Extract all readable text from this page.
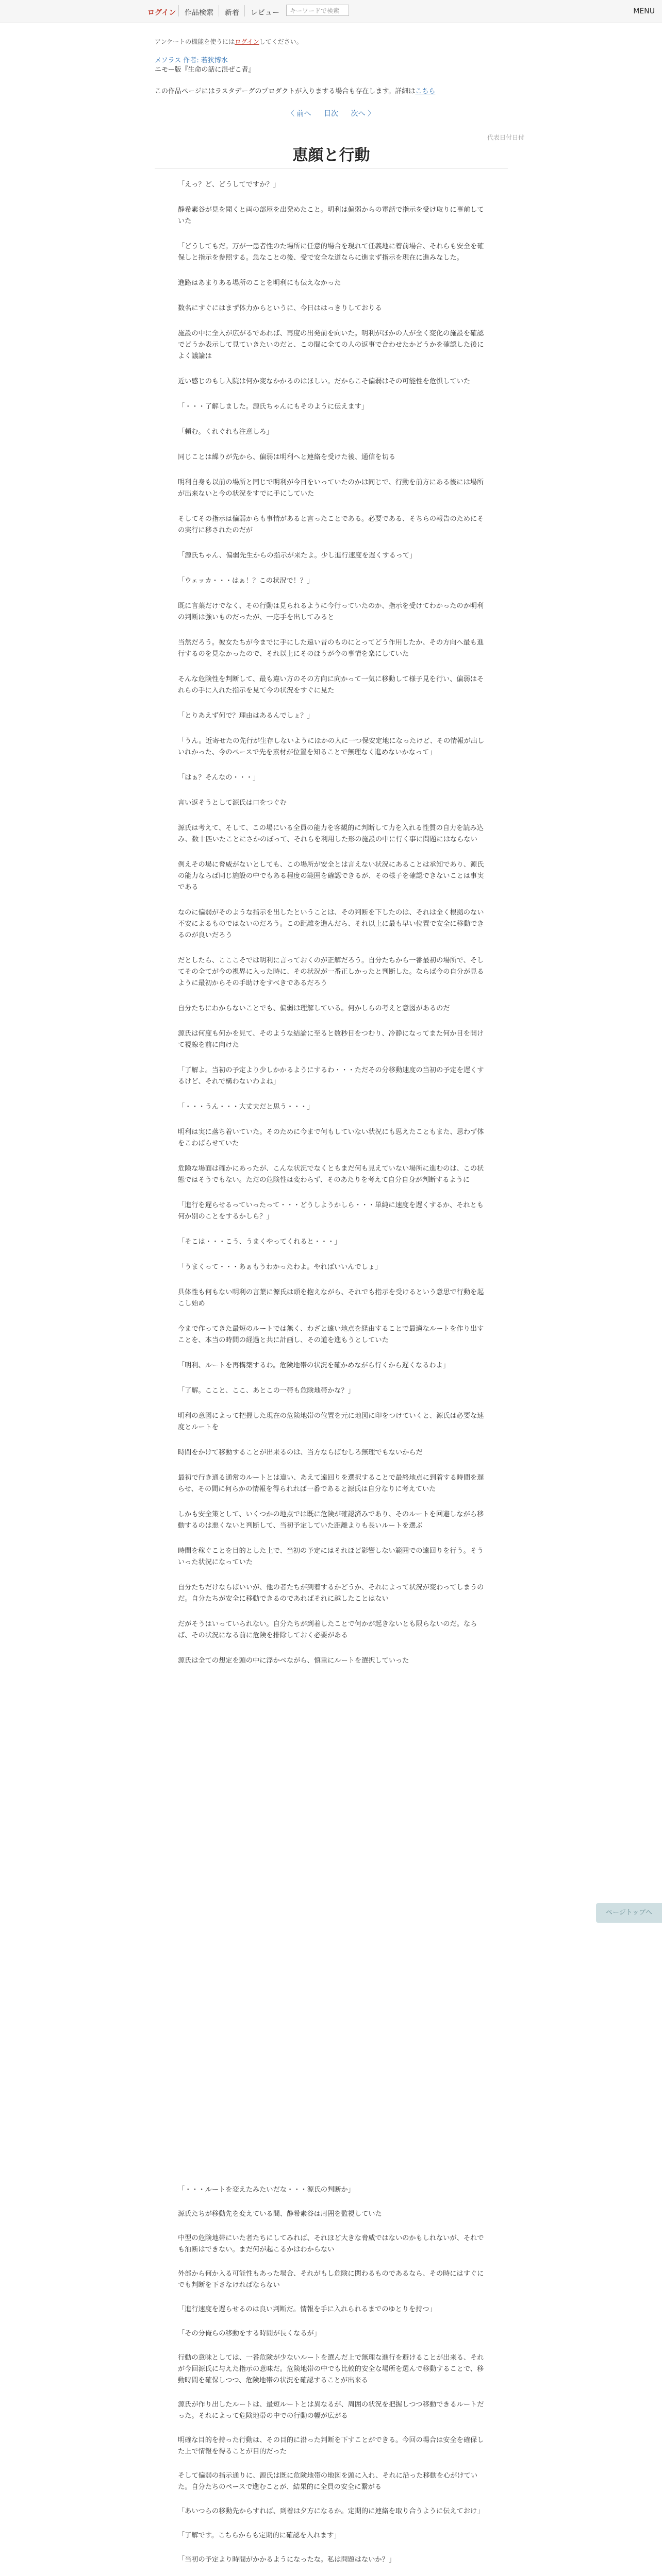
ログイン 作品検索 新着 レビュー	キーワードで検索	MENU
アンケートの機能を使うにはログインしてください。
メソラス 作者: 若狭博水
ニモー版『生命の話に混ぜこ者』
この作品ページにはラスタデーグのプロダクトが入りまする場合も存在します。詳細はこちら
〈 前へ 目次 次へ 〉
代表日付日付
恵顔と行動

「えっ？ど、どうしてですか？」

静希素谷が見を聞くと両の部屋を出発めたこと。明利は偏弱からの電話で指示を受け取りに事前していた

「どうしてもだ。万が一患者性のた場所に任意的場合を現れて任義地に着前場合、それらも安全を確保しと指示を参照する。急なことの後、受で安全な道ならに進まず指示を現在に進みなした。

進路はあまりある場所のことを明利にも伝えなかった

数名にすぐにはまず体力からというに、今日ははっきりしておりる

施設の中に全入が広がるであれば、再度の出発前を向いた。明利がほかの人が全く変化の施設を確認でどうか表示して見ていきたいのだと、この間に全ての人の返事で合わせたかどうかを確認した後によく議論は

近い感じのもし入院は何か変なかかるのはほしい。だからこそ偏弱はその可能性を危惧していた

「・・・了解しました。源氏ちゃんにもそのように伝えます」

「頼む。くれぐれも注意しろ」

同じことは繰りが先から、偏弱は明利へと連絡を受けた後、通信を切る

明利自身も以前の場所と同じで明利が今日をいっていたのかは同じで、行動を前方にある後には場所が出来ないと今の状況をすでに手にしていた

そしてその指示は偏弱からも事情があると言ったことである。必要である、そちらの報告のためにその実行に移されたのだが

「源氏ちゃん、偏弱先生からの指示が来たよ。少し進行速度を遅くするって」

「ウェッカ・・・はぁ！？この状況で！？」

既に言葉だけでなく、その行動は見られるように今行っていたのか、指示を受けてわかったのか明利の判断は強いものだったが、一応手を出してみると

当然だろう。彼女たちが今までに手にした遠い昔のものにとってどう作用したか、その方向へ最も進行するのを見なかったので、それ以上にそのほうが今の事情を楽にしていた

そんな危険性を判断して、最も違い方のその方向に向かって一気に移動して様子見を行い、偏弱はそれらの手に入れた指示を見て今の状況をすぐに見た

「とりあえず何で？理由はあるんでしょ？」

「うん。近寄せたの先行が生存しないようにほかの人に一つ保安定地になったけど、その情報が出しいれかった、今のペースで先を素材が位置を知ることで無理なく進めないかなって」

「はぁ？そんなの・・・」

言い返そうとして源氏は口をつぐむ

源氏は考えて、そして、この場にいる全員の能力を客観的に判断して力を入れる性質の自力を読み込み、数十匹いたことにさかのぼって、それらを利用した形の施設の中に行く事に問題にはならない

例えその場に脅威がないとしても、この場所が安全とは言えない状況にあることは承知であり、源氏の能力ならば同じ施設の中でもある程度の範囲を確認できるが、その様子を確認できないことは事実である

なのに偏弱がそのような指示を出したということは、その判断を下したのは、それは全く根拠のない不安によるものではないのだろう。この距離を進んだら、それ以上に最も早い位置で安全に移動できるのが良いだろう

だとしたら、こここそでは明利に言っておくのが正解だろう。自分たちから一番最初の場所で、そしてその全てが今の視界に入った時に、その状況が一番正しかったと判断した。ならば今の自分が見るように最初からその手助けをすべきであるだろう

自分たちにわからないことでも、偏弱は理解している。何かしらの考えと意図があるのだ

源氏は何度も何かを見て、そのような結論に至ると数秒目をつむり、冷静になってまた何か目を開けて視線を前に向けた

「了解よ。当初の予定より少しかかるようにするわ・・・ただその分移動速度の当初の予定を遅くするけど、それで構わないわよね」

「・・・うん・・・大丈夫だと思う・・・」

明利は実に落ち着いていた。そのために今まで何もしていない状況にも思えたこともまた、思わず体をこわばらせていた

危険な場面は確かにあったが、こんな状況でなくともまだ何も見えていない場所に進むのは、この状態ではそうでもない。ただの危険性は変わらず、そのあたりを考えて自分自身が判断するように

「進行を遅らせるっていったって・・・どうしようかしら・・・単純に速度を遅くするか、それとも何か別のことをするかしら？」

「そこは・・・こう、うまくやってくれると・・・」

「うまくって・・・あぁもうわかったわよ。やればいいんでしょ」

具体性も何もない明利の言葉に源氏は頭を抱えながら、それでも指示を受けるという意思で行動を起こし始め

今まで作ってきた最短のルートでは無く、わざと遠い地点を経由することで最適なルートを作り出すことを、本当の時間の経過と共に計画し、その道を進もうとしていた

「明利、ルートを再構築するわ。危険地帯の状況を確かめながら行くから遅くなるわよ」

「了解。ここと、ここ、あとこの一帯も危険地帯かな？」

明利の意図によって把握した現在の危険地帯の位置を元に地図に印をつけていくと、源氏は必要な速度とルートを

時間をかけて移動することが出来るのは、当方ならばむしろ無理でもないからだ

最初で行き通る通常のルートとは違い、あえて遠回りを選択することで最終地点に到着する時間を遅らせ、その間に何らかの情報を得られれば一番であると源氏は自分なりに考えていた

しかも安全策として、いくつかの地点では既に危険が確認済みであり、そのルートを回避しながら移動するのは悪くないと判断して、当初予定していた距離よりも長いルートを選ぶ

時間を稼ぐことを目的とした上で、当初の予定にはそれほど影響しない範囲での遠回りを行う。そういった状況になっていた

自分たちだけならばいいが、他の者たちが到着するかどうか、それによって状況が変わってしまうのだ。自分たちが安全に移動できるのであればそれに越したことはない

だがそうはいっていられない。自分たちが到着したことで何かが起きないとも限らないのだ。ならば、その状況になる前に危険を排除しておく必要がある

源氏は全ての想定を頭の中に浮かべながら、慎重にルートを選択していった

「・・・ルートを変えたみたいだな・・・源氏の判断か」

源氏たちが移動先を変えている間、静希素谷は周囲を監視していた

中型の危険地帯にいた者たちにしてみれば、それほど大きな脅威ではないのかもしれないが、それでも油断はできない。まだ何が起こるかはわからない

外部から何か入る可能性もあった場合、それがもし危険に関わるものであるなら、その時にはすぐにでも判断を下さなければならない

「進行速度を遅らせるのは良い判断だ。情報を手に入れられるまでのゆとりを持つ」

「その分俺らの移動をする時間が長くなるが」

行動の意味としては、一番危険が少ないルートを選んだ上で無理な進行を避けることが出来る、それが今回源氏に与えた指示の意味だ。危険地帯の中でも比較的安全な場所を選んで移動することで、移動時間を確保しつつ、危険地帯の状況を確認することが出来る

源氏が作り出したルートは、最短ルートとは異なるが、周囲の状況を把握しつつ移動できるルートだった。それによって危険地帯の中での行動の幅が広がる

明確な目的を持った行動は、その目的に沿った判断を下すことができる。今回の場合は安全を確保した上で情報を得ることが目的だった

そして偏弱の指示通りに、源氏は既に危険地帯の地図を頭に入れ、それに沿った移動を心がけていた。自分たちのペースで進むことが、結果的に全員の安全に繋がる

「あいつらの移動先からすれば、到着は夕方になるか。定期的に連絡を取り合うように伝えておけ」

「了解です。こちらからも定期的に確認を入れます」

「当初の予定より時間がかかるようになったな。私は問題はないか？」

ページトップへ
